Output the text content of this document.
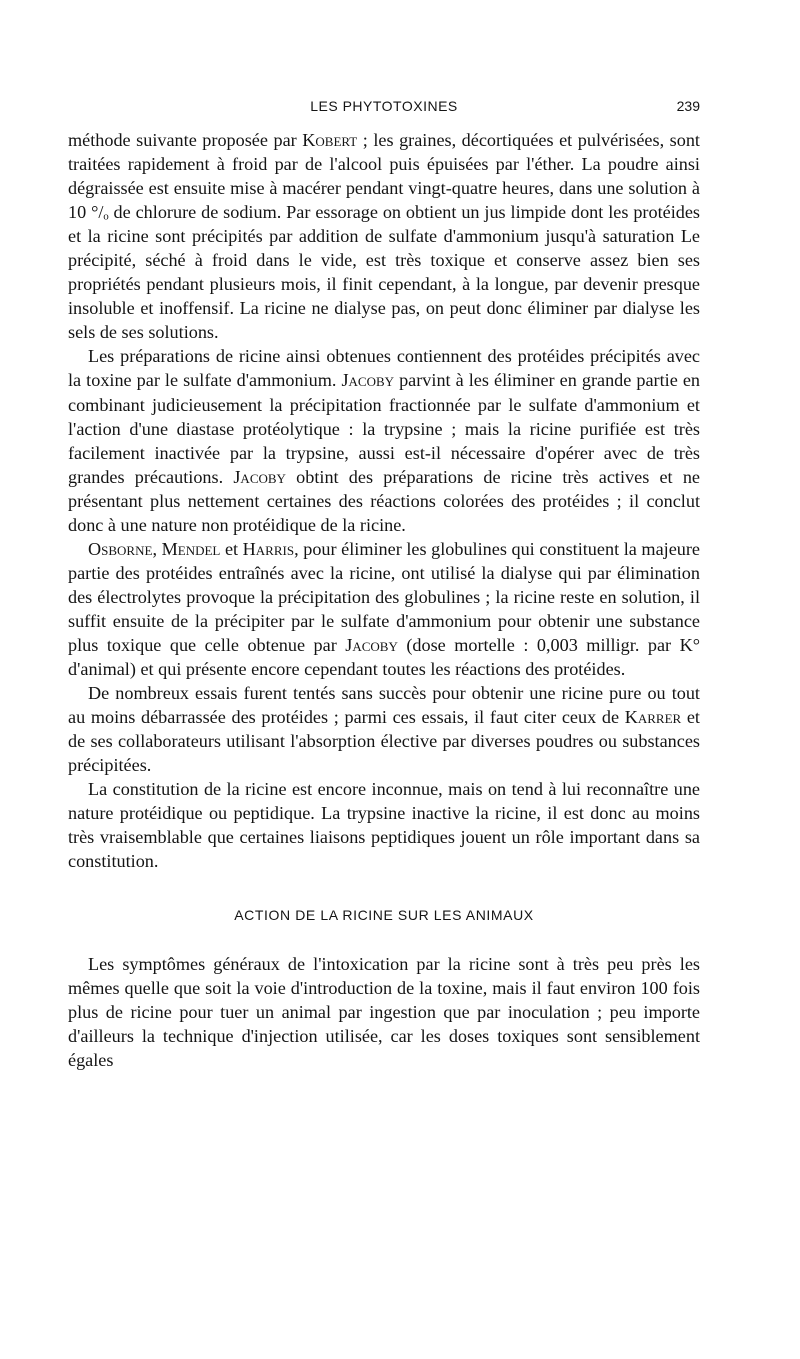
LES PHYTOTOXINES	239

méthode suivante proposée par Kobert ; les graines, décortiquées et pulvérisées, sont traitées rapidement à froid par de l'alcool puis épuisées par l'éther. La poudre ainsi dégraissée est ensuite mise à macérer pendant vingt-quatre heures, dans une solution à 10 °/ₒ de chlorure de sodium. Par essorage on obtient un jus limpide dont les protéides et la ricine sont précipités par addition de sulfate d'ammonium jusqu'à saturation Le précipité, séché à froid dans le vide, est très toxique et conserve assez bien ses propriétés pendant plusieurs mois, il finit cependant, à la longue, par devenir presque insoluble et inoffensif. La ricine ne dialyse pas, on peut donc éliminer par dialyse les sels de ses solutions.

Les préparations de ricine ainsi obtenues contiennent des protéides précipités avec la toxine par le sulfate d'ammonium. Jacoby parvint à les éliminer en grande partie en combinant judicieusement la précipitation fractionnée par le sulfate d'ammonium et l'action d'une diastase protéolytique : la trypsine ; mais la ricine purifiée est très facilement inactivée par la trypsine, aussi est-il nécessaire d'opérer avec de très grandes précautions. Jacoby obtint des préparations de ricine très actives et ne présentant plus nettement certaines des réactions colorées des protéides ; il conclut donc à une nature non protéidique de la ricine.

Osborne, Mendel et Harris, pour éliminer les globulines qui constituent la majeure partie des protéides entraînés avec la ricine, ont utilisé la dialyse qui par élimination des électrolytes provoque la précipitation des globulines ; la ricine reste en solution, il suffit ensuite de la précipiter par le sulfate d'ammonium pour obtenir une substance plus toxique que celle obtenue par Jacoby (dose mortelle : 0,003 milligr. par K° d'animal) et qui présente encore cependant toutes les réactions des protéides.

De nombreux essais furent tentés sans succès pour obtenir une ricine pure ou tout au moins débarrassée des protéides ; parmi ces essais, il faut citer ceux de Karrer et de ses collaborateurs utilisant l'absorption élective par diverses poudres ou substances précipitées.

La constitution de la ricine est encore inconnue, mais on tend à lui reconnaître une nature protéidique ou peptidique. La trypsine inactive la ricine, il est donc au moins très vraisemblable que certaines liaisons peptidiques jouent un rôle important dans sa constitution.

ACTION DE LA RICINE SUR LES ANIMAUX

Les symptômes généraux de l'intoxication par la ricine sont à très peu près les mêmes quelle que soit la voie d'introduction de la toxine, mais il faut environ 100 fois plus de ricine pour tuer un animal par ingestion que par inoculation ; peu importe d'ailleurs la technique d'injection utilisée, car les doses toxiques sont sensiblement égales
